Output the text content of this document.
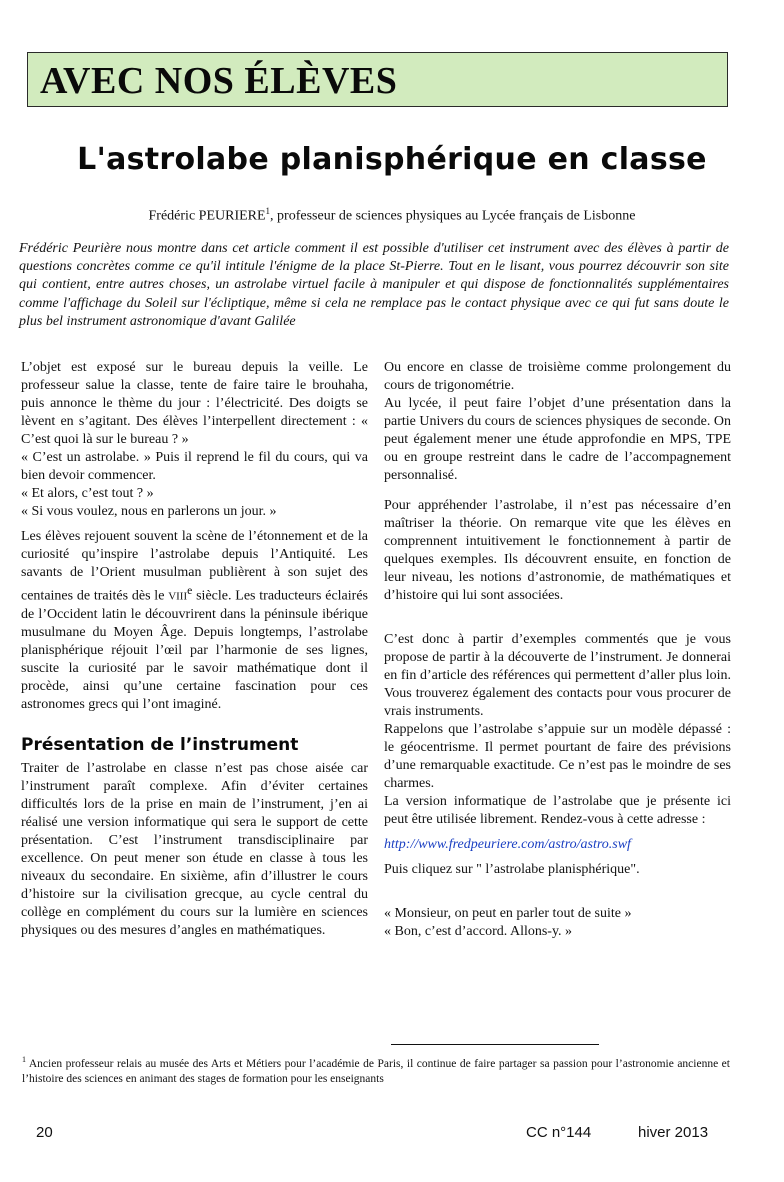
AVEC NOS ÉLÈVES
L'astrolabe planisphérique en classe
Frédéric PEURIERE$^1$, professeur de sciences physiques au Lycée français de Lisbonne

Frédéric Peurière nous montre dans cet article comment il est possible d'utiliser cet instrument avec des élèves à partir de questions concrètes comme ce qu'il intitule l'énigme de la place St-Pierre. Tout en le lisant, vous pourrez découvrir son site qui contient, entre autres choses, un astrolabe virtuel facile à manipuler et qui dispose de fonctionnalités supplémentaires comme l'affichage du Soleil sur l'écliptique, même si cela ne remplace pas le contact physique avec ce qui fut sans doute le plus bel instrument astronomique d'avant Galilée

L’objet est exposé sur le bureau depuis la veille. Le professeur salue la classe, tente de faire taire le brouhaha, puis annonce le thème du jour : l’électricité. Des doigts se lèvent en s’agitant. Des élèves l’interpellent directement : « C’est quoi là sur le bureau ? »

« C’est un astrolabe. » Puis il reprend le fil du cours, qui va bien devoir commencer.

« Et alors, c’est tout ? »

« Si vous voulez, nous en parlerons un jour. »

Les élèves rejouent souvent la scène de l’étonnement et de la curiosité qu’inspire l’astrolabe depuis l’Antiquité. Les savants de l’Orient musulman publièrent à son sujet des centaines de traités dès le VIIIe siècle. Les traducteurs éclairés de l’Occident latin le découvrirent dans la péninsule ibérique musulmane du Moyen Âge. Depuis longtemps, l’astrolabe planisphérique réjouit l’œil par l’harmonie de ses lignes, suscite la curiosité par le savoir mathématique dont il procède, ainsi qu’une certaine fascination pour ces astronomes grecs qui l’ont imaginé.

Présentation de l’instrument

Traiter de l’astrolabe en classe n’est pas chose aisée car l’instrument paraît complexe. Afin d’éviter certaines difficultés lors de la prise en main de l’instrument, j’en ai réalisé une version informatique qui sera le support de cette présentation. C’est l’instrument transdisciplinaire par excellence. On peut mener son étude en classe à tous les niveaux du secondaire. En sixième, afin d’illustrer le cours d’histoire sur la civilisation grecque, au cycle central du collège en complément du cours sur la lumière en sciences physiques ou des mesures d’angles en mathématiques.

Ou encore en classe de troisième comme prolongement du cours de trigonométrie.

Au lycée, il peut faire l’objet d’une présentation dans la partie Univers du cours de sciences physiques de seconde. On peut également mener une étude approfondie en MPS, TPE ou en groupe restreint dans le cadre de l’accompagnement personnalisé.

Pour appréhender l’astrolabe, il n’est pas nécessaire d’en maîtriser la théorie. On remarque vite que les élèves en comprennent intuitivement le fonctionnement à partir de quelques exemples. Ils découvrent ensuite, en fonction de leur niveau, les notions d’astronomie, de mathématiques et d’histoire qui lui sont associées.

C’est donc à partir d’exemples commentés que je vous propose de partir à la découverte de l’instrument. Je donnerai en fin d’article des références qui permettent d’aller plus loin. Vous trouverez également des contacts pour vous procurer de vrais instruments.

Rappelons que l’astrolabe s’appuie sur un modèle dépassé : le géocentrisme. Il permet pourtant de faire des prévisions d’une remarquable exactitude. Ce n’est pas le moindre de ses charmes.

La version informatique de l’astrolabe que je présente ici peut être utilisée librement. Rendez-vous à cette adresse :

http://www.fredpeuriere.com/astro/astro.swf

Puis cliquez sur " l’astrolabe planisphérique".

« Monsieur, on peut en parler tout de suite »

« Bon, c’est d’accord. Allons-y. »

$^1$ Ancien professeur relais au musée des Arts et Métiers pour l’académie de Paris, il continue de faire partager sa passion pour l’astronomie ancienne et l’histoire des sciences en animant des stages de formation pour les enseignants

20	CC n°144	hiver 2013
